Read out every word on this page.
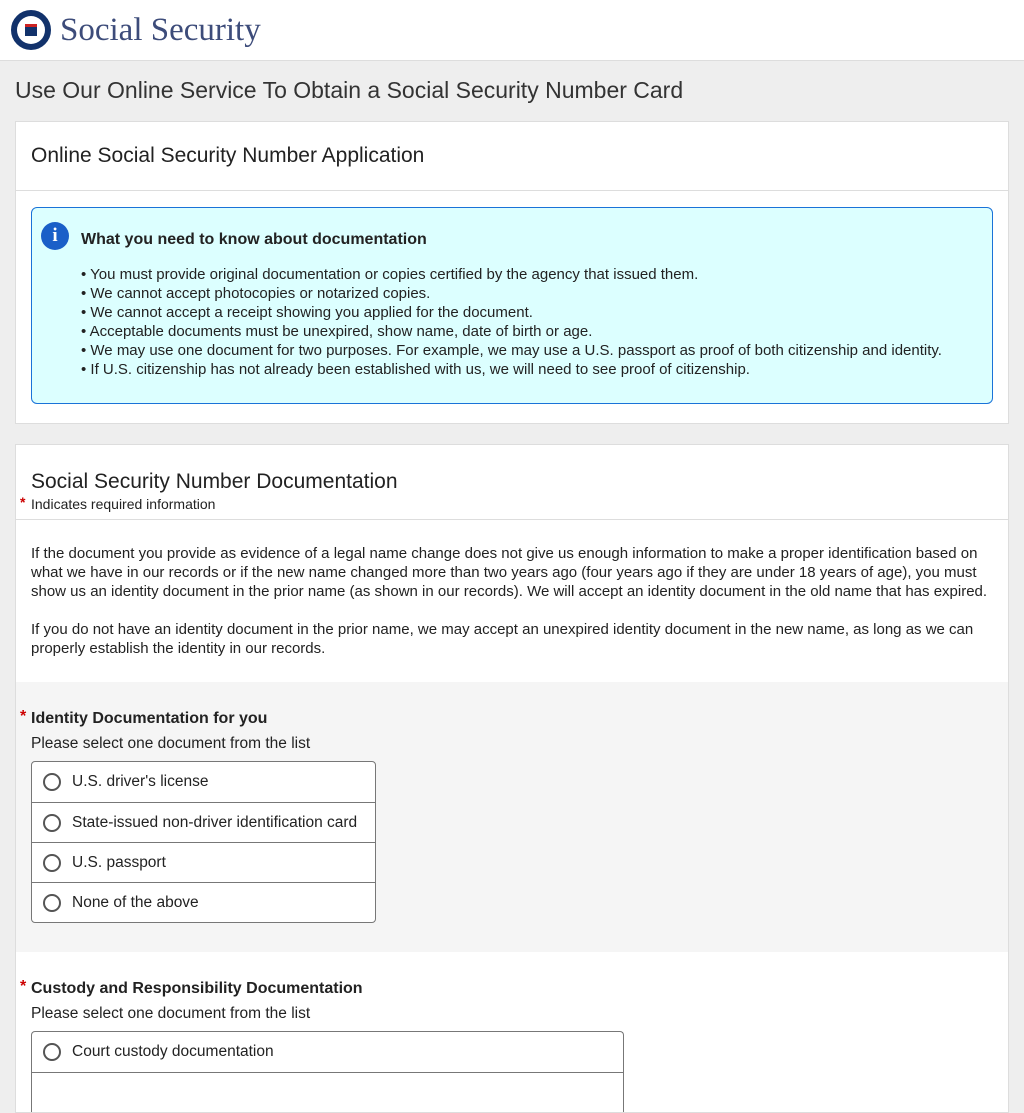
Social Security
Use Our Online Service To Obtain a Social Security Number Card
Online Social Security Number Application
i	What you need to know about documentation
• You must provide original documentation or copies certified by the agency that issued them.
• We cannot accept photocopies or notarized copies.
• We cannot accept a receipt showing you applied for the document.
• Acceptable documents must be unexpired, show name, date of birth or age.
• We may use one document for two purposes. For example, we may use a U.S. passport as proof of both citizenship and identity.
• If U.S. citizenship has not already been established with us, we will need to see proof of citizenship.
Social Security Number Documentation
* Indicates required information

If the document you provide as evidence of a legal name change does not give us enough information to make a proper identification based on what we have in our records or if the new name changed more than two years ago (four years ago if they are under 18 years of age), you must show us an identity document in the prior name (as shown in our records). We will accept an identity document in the old name that has expired.

If you do not have an identity document in the prior name, we may accept an unexpired identity document in the new name, as long as we can properly establish the identity in our records.

* Identity Documentation for you
Please select one document from the list
U.S. driver's license
State-issued non-driver identification card
U.S. passport
None of the above
* Custody and Responsibility Documentation
Please select one document from the list
Court custody documentation
